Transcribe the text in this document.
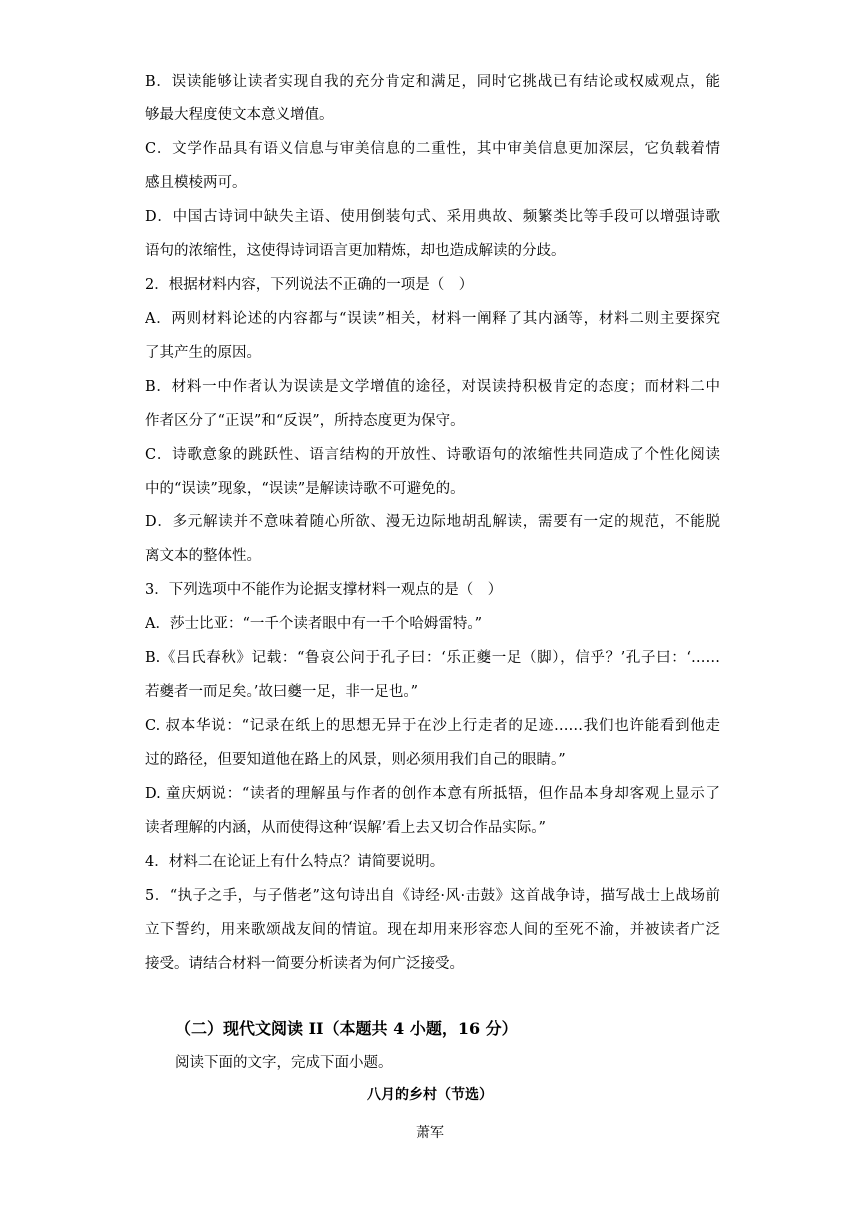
B．误读能够让读者实现自我的充分肯定和满足，同时它挑战已有结论或权威观点，能
够最大程度使文本意义增值。
C．文学作品具有语义信息与审美信息的二重性，其中审美信息更加深层，它负载着情
感且模棱两可。
D．中国古诗词中缺失主语、使用倒装句式、采用典故、频繁类比等手段可以增强诗歌
语句的浓缩性，这使得诗词语言更加精炼，却也造成解读的分歧。
2．根据材料内容，下列说法不正确的一项是（　）
A．两则材料论述的内容都与“误读”相关，材料一阐释了其内涵等，材料二则主要探究
了其产生的原因。
B．材料一中作者认为误读是文学增值的途径，对误读持积极肯定的态度；而材料二中
作者区分了“正误”和“反误”，所持态度更为保守。
C．诗歌意象的跳跃性、语言结构的开放性、诗歌语句的浓缩性共同造成了个性化阅读
中的“误读”现象，“误读”是解读诗歌不可避免的。
D．多元解读并不意味着随心所欲、漫无边际地胡乱解读，需要有一定的规范，不能脱
离文本的整体性。
3．下列选项中不能作为论据支撑材料一观点的是（　）
A．莎士比亚：“一千个读者眼中有一千个哈姆雷特。”
B.《吕氏春秋》记载：“鲁哀公问于孔子曰：‘乐正夔一足（脚），信乎？’孔子曰：‘……
若夔者一而足矣。’故曰夔一足，非一足也。”
C. 叔本华说：“记录在纸上的思想无异于在沙上行走者的足迹……我们也许能看到他走
过的路径，但要知道他在路上的风景，则必须用我们自己的眼睛。”
D. 童庆炳说：“读者的理解虽与作者的创作本意有所抵牾，但作品本身却客观上显示了
读者理解的内涵，从而使得这种‘误解’看上去又切合作品实际。”
4．材料二在论证上有什么特点？请简要说明。
5．“执子之手，与子偕老”这句诗出自《诗经·风·击鼓》这首战争诗，描写战士上战场前
立下誓约，用来歌颂战友间的情谊。现在却用来形容恋人间的至死不渝，并被读者广泛
接受。请结合材料一简要分析读者为何广泛接受。
（二）现代文阅读 II（本题共 4 小题，16 分）
阅读下面的文字，完成下面小题。
八月的乡村（节选）
萧军
